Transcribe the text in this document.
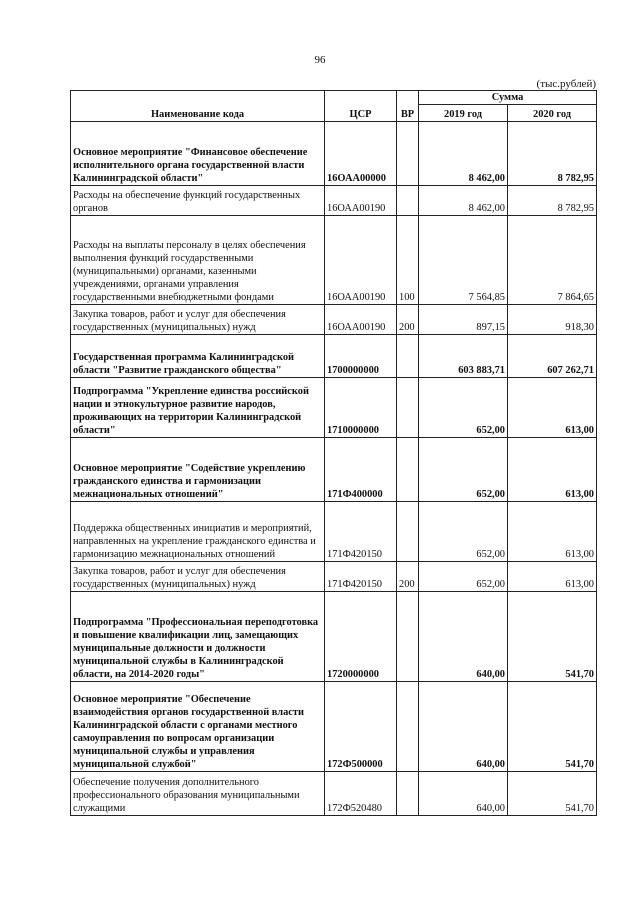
96
(тыс.рублей)
Наименование кода	ЦСР	ВР	Сумма	
			2019 год	2020 год
Основное мероприятие "Финансовое обеспечение исполнительного органа государственной власти Калининградской области"	16ОАА00000		8 462,00	8 782,95
Расходы на обеспечение функций государственных органов	16ОАА00190		8 462,00	8 782,95
Расходы на выплаты персоналу в целях обеспечения выполнения функций государственными (муниципальными) органами, казенными учреждениями, органами управления государственными внебюджетными фондами	16ОАА00190	100	7 564,85	7 864,65
Закупка товаров, работ и услуг для обеспечения государственных (муниципальных) нужд	16ОАА00190	200	897,15	918,30
Государственная программа Калининградской области "Развитие гражданского общества"	1700000000		603 883,71	607 262,71
Подпрограмма "Укрепление единства российской нации и этнокультурное развитие народов, проживающих на территории Калининградской области"	1710000000		652,00	613,00
Основное мероприятие "Содействие укреплению гражданского единства и гармонизации межнациональных отношений"	171Ф400000		652,00	613,00
Поддержка общественных инициатив и мероприятий, направленных на укрепление гражданского единства и гармонизацию межнациональных отношений	171Ф420150		652,00	613,00
Закупка товаров, работ и услуг для обеспечения государственных (муниципальных) нужд	171Ф420150	200	652,00	613,00
Подпрограмма "Профессиональная переподготовка и повышение квалификации лиц, замещающих муниципальные должности и должности муниципальной службы в Калининградской области, на 2014-2020 годы"	1720000000		640,00	541,70
Основное мероприятие "Обеспечение взаимодействия органов государственной власти Калининградской области с органами местного самоуправления по вопросам организации муниципальной службы и управления муниципальной службой"	172Ф500000		640,00	541,70
Обеспечение получения дополнительного профессионального образования муниципальными служащими	172Ф520480		640,00	541,70
